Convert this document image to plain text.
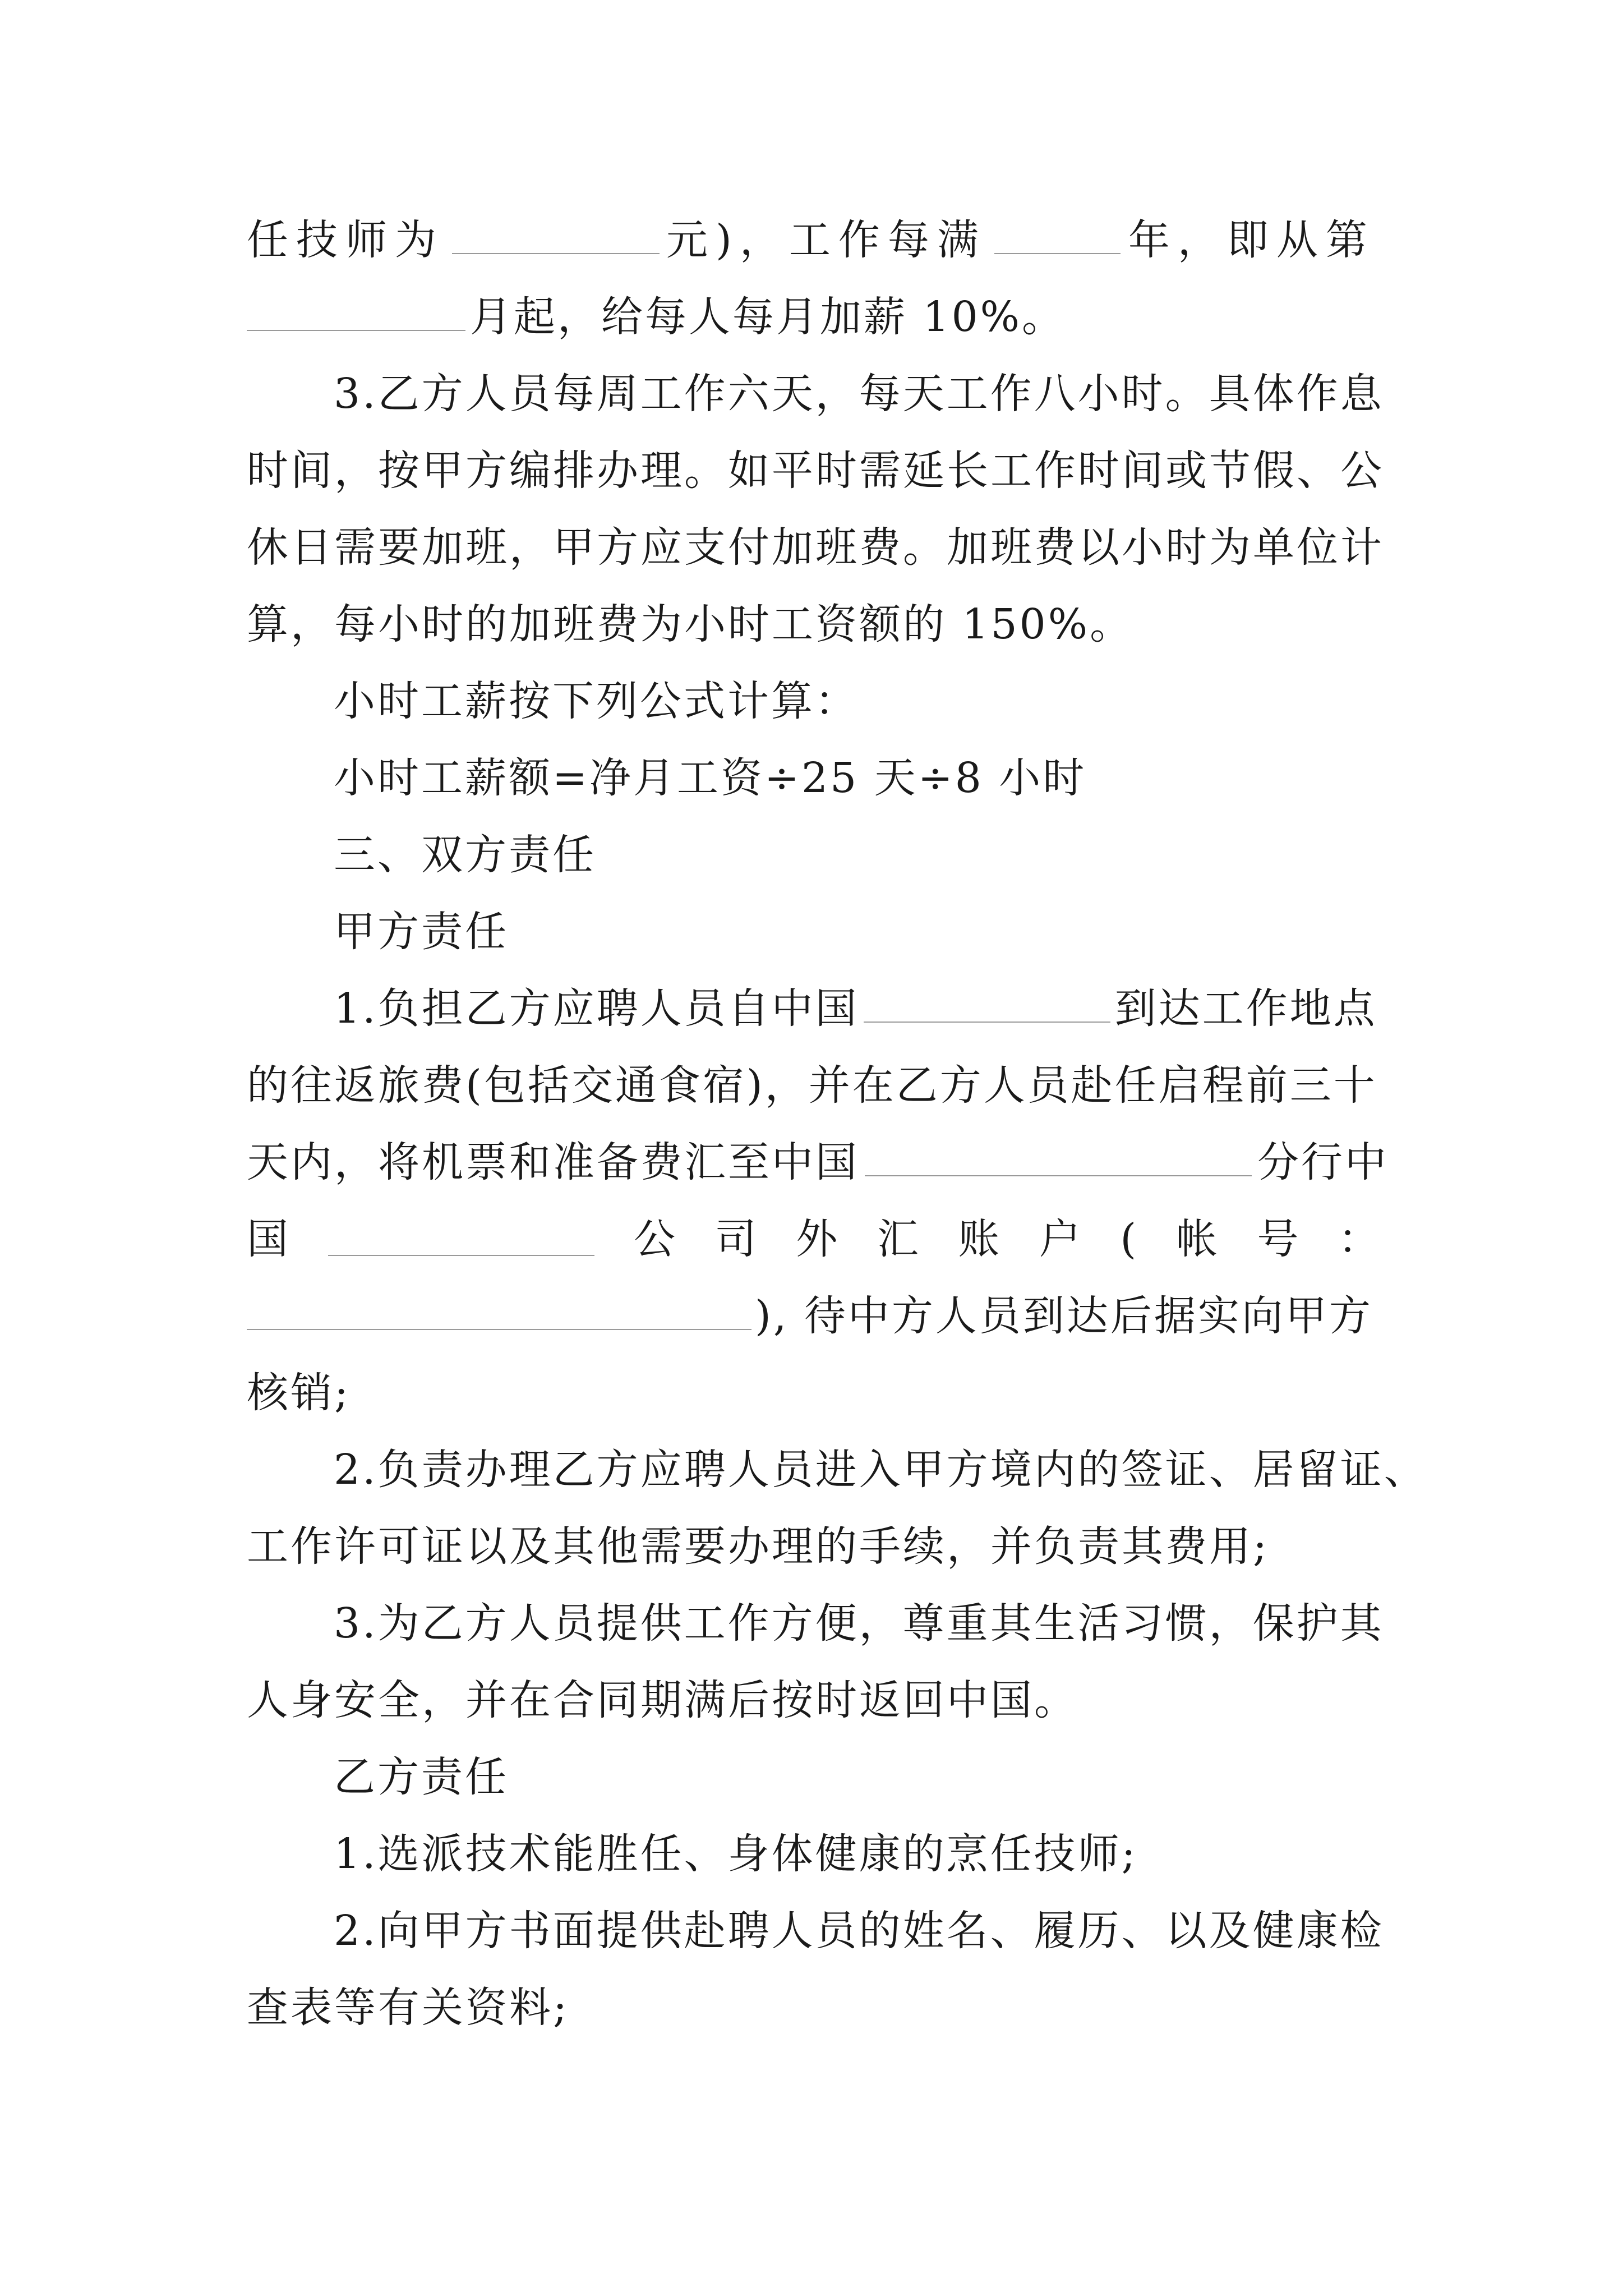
任技师为	元)，工作每满	年，即从第
月起，给每人每月加薪 10%。
3.乙方人员每周工作六天，每天工作八小时。具体作息
时间，按甲方编排办理。如平时需延长工作时间或节假、公
休日需要加班，甲方应支付加班费。加班费以小时为单位计
算，每小时的加班费为小时工资额的 150%。
小时工薪按下列公式计算：
小时工薪额=净月工资÷25 天÷8 小时
三、双方责任
甲方责任
1.负担乙方应聘人员自中国	到达工作地点
的往返旅费(包括交通食宿)，并在乙方人员赴任启程前三十
天内，将机票和准备费汇至中国	分行中
国	公 司 外 汇 账 户 ( 帐 号 ：
), 待中方人员到达后据实向甲方
核销;
2.负责办理乙方应聘人员进入甲方境内的签证、居留证、
工作许可证以及其他需要办理的手续，并负责其费用;
3.为乙方人员提供工作方便，尊重其生活习惯，保护其
人身安全，并在合同期满后按时返回中国。
乙方责任
1.选派技术能胜任、身体健康的烹任技师;
2.向甲方书面提供赴聘人员的姓名、履历、以及健康检
查表等有关资料;
